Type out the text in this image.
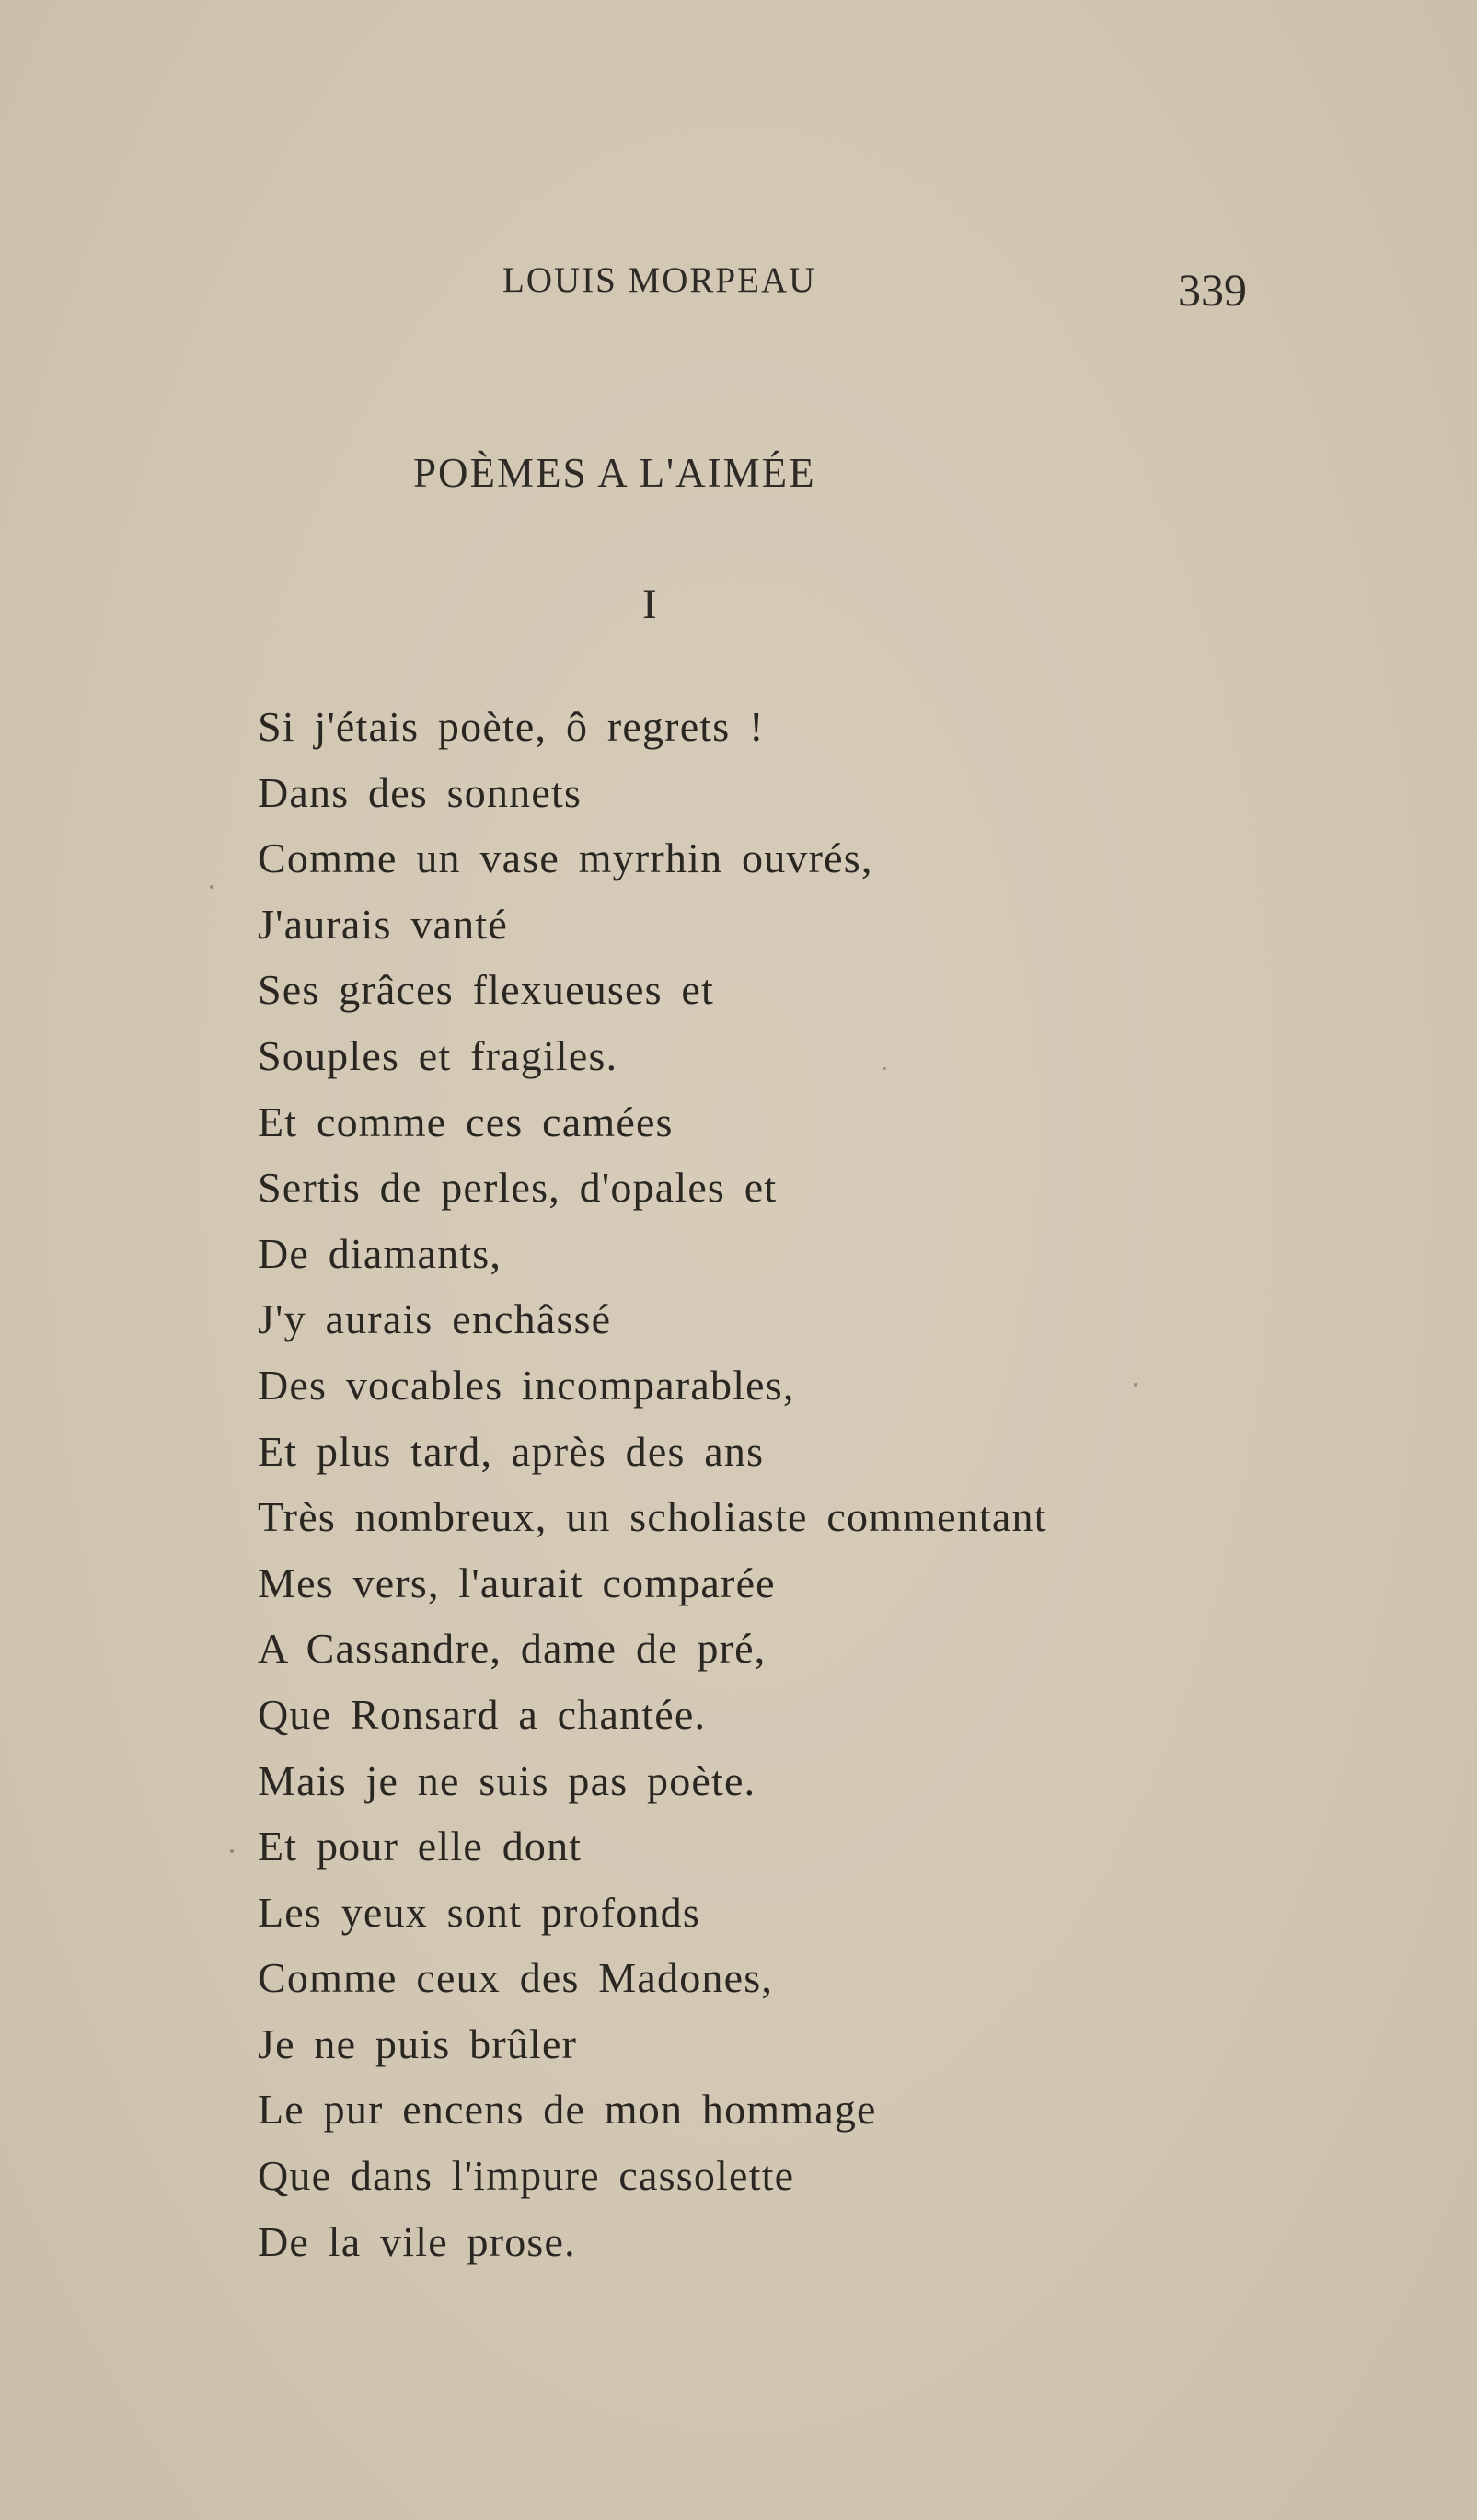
LOUIS MORPEAU	339
POÈMES A L'AIMÉE
I
Si j'étais poète, ô regrets !
Dans des sonnets
Comme un vase myrrhin ouvrés,
J'aurais vanté
Ses grâces flexueuses et
Souples et fragiles.
Et comme ces camées
Sertis de perles, d'opales et
De diamants,
J'y aurais enchâssé
Des vocables incomparables,
Et plus tard, après des ans
Très nombreux, un scholiaste commentant
Mes vers, l'aurait comparée
A Cassandre, dame de pré,
Que Ronsard a chantée.
Mais je ne suis pas poète.
Et pour elle dont
Les yeux sont profonds
Comme ceux des Madones,
Je ne puis brûler
Le pur encens de mon hommage
Que dans l'impure cassolette
De la vile prose.
